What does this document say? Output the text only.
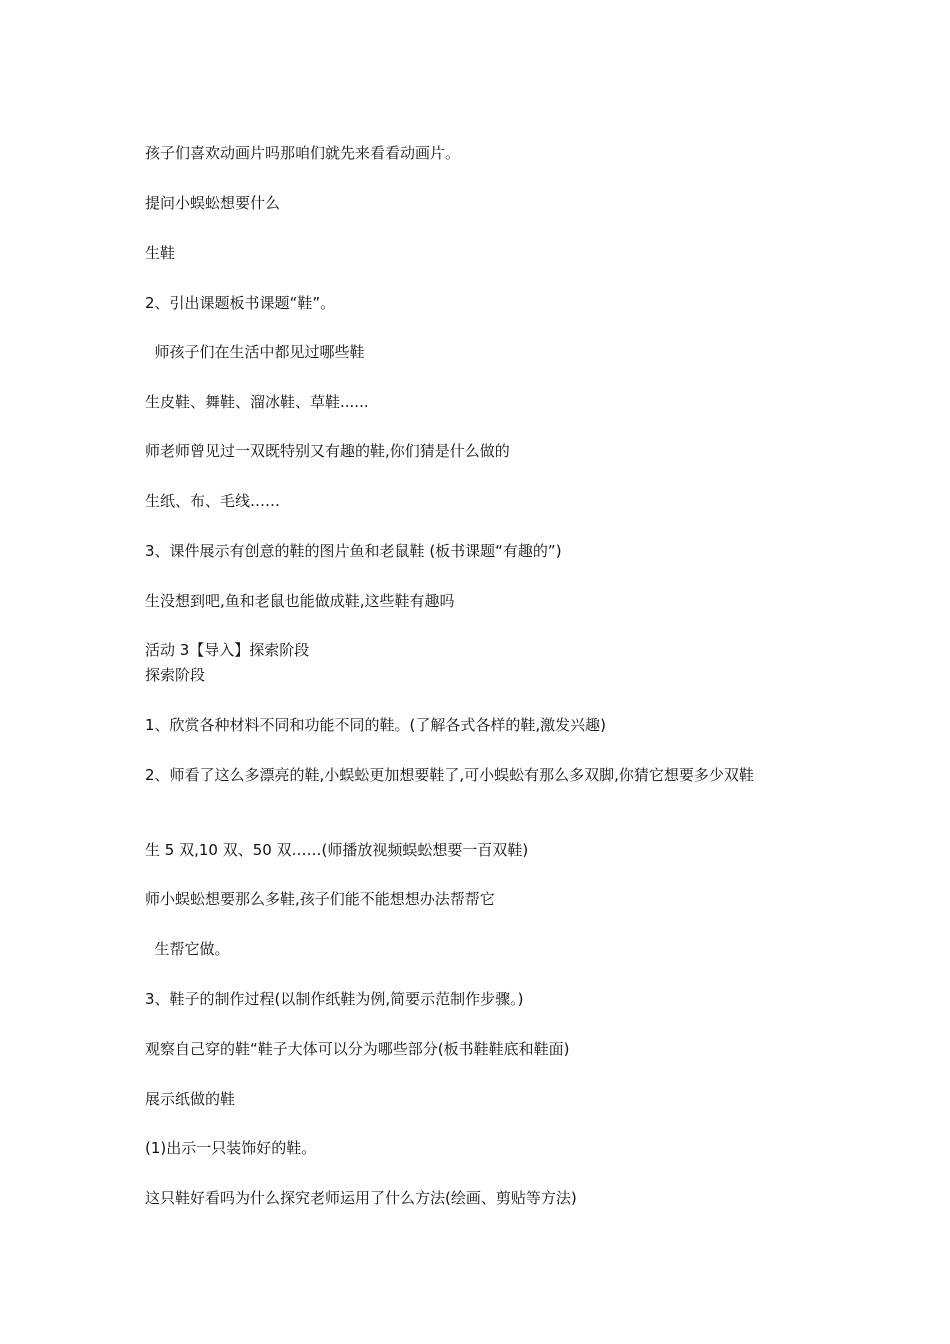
孩子们喜欢动画片吗那咱们就先来看看动画片。
提问小蜈蚣想要什么
生鞋
2、引出课题板书课题“鞋”。
师孩子们在生活中都见过哪些鞋
生皮鞋、舞鞋、溜冰鞋、草鞋......
师老师曾见过一双既特别又有趣的鞋,你们猜是什么做的
生纸、布、毛线……
3、课件展示有创意的鞋的图片鱼和老鼠鞋 (板书课题“有趣的”)
生没想到吧,鱼和老鼠也能做成鞋,这些鞋有趣吗
活动 3【导入】探索阶段
探索阶段
1、欣赏各种材料不同和功能不同的鞋。(了解各式各样的鞋,激发兴趣)
2、师看了这么多漂亮的鞋,小蜈蚣更加想要鞋了,可小蜈蚣有那么多双脚,你猜它想要多少双鞋
生 5 双,10 双、50 双……(师播放视频蜈蚣想要一百双鞋)
师小蜈蚣想要那么多鞋,孩子们能不能想想办法帮帮它
生帮它做。
3、鞋子的制作过程(以制作纸鞋为例,简要示范制作步骤。)
观察自己穿的鞋“鞋子大体可以分为哪些部分(板书鞋鞋底和鞋面)
展示纸做的鞋
(1)出示一只装饰好的鞋。
这只鞋好看吗为什么探究老师运用了什么方法(绘画、剪贴等方法)
